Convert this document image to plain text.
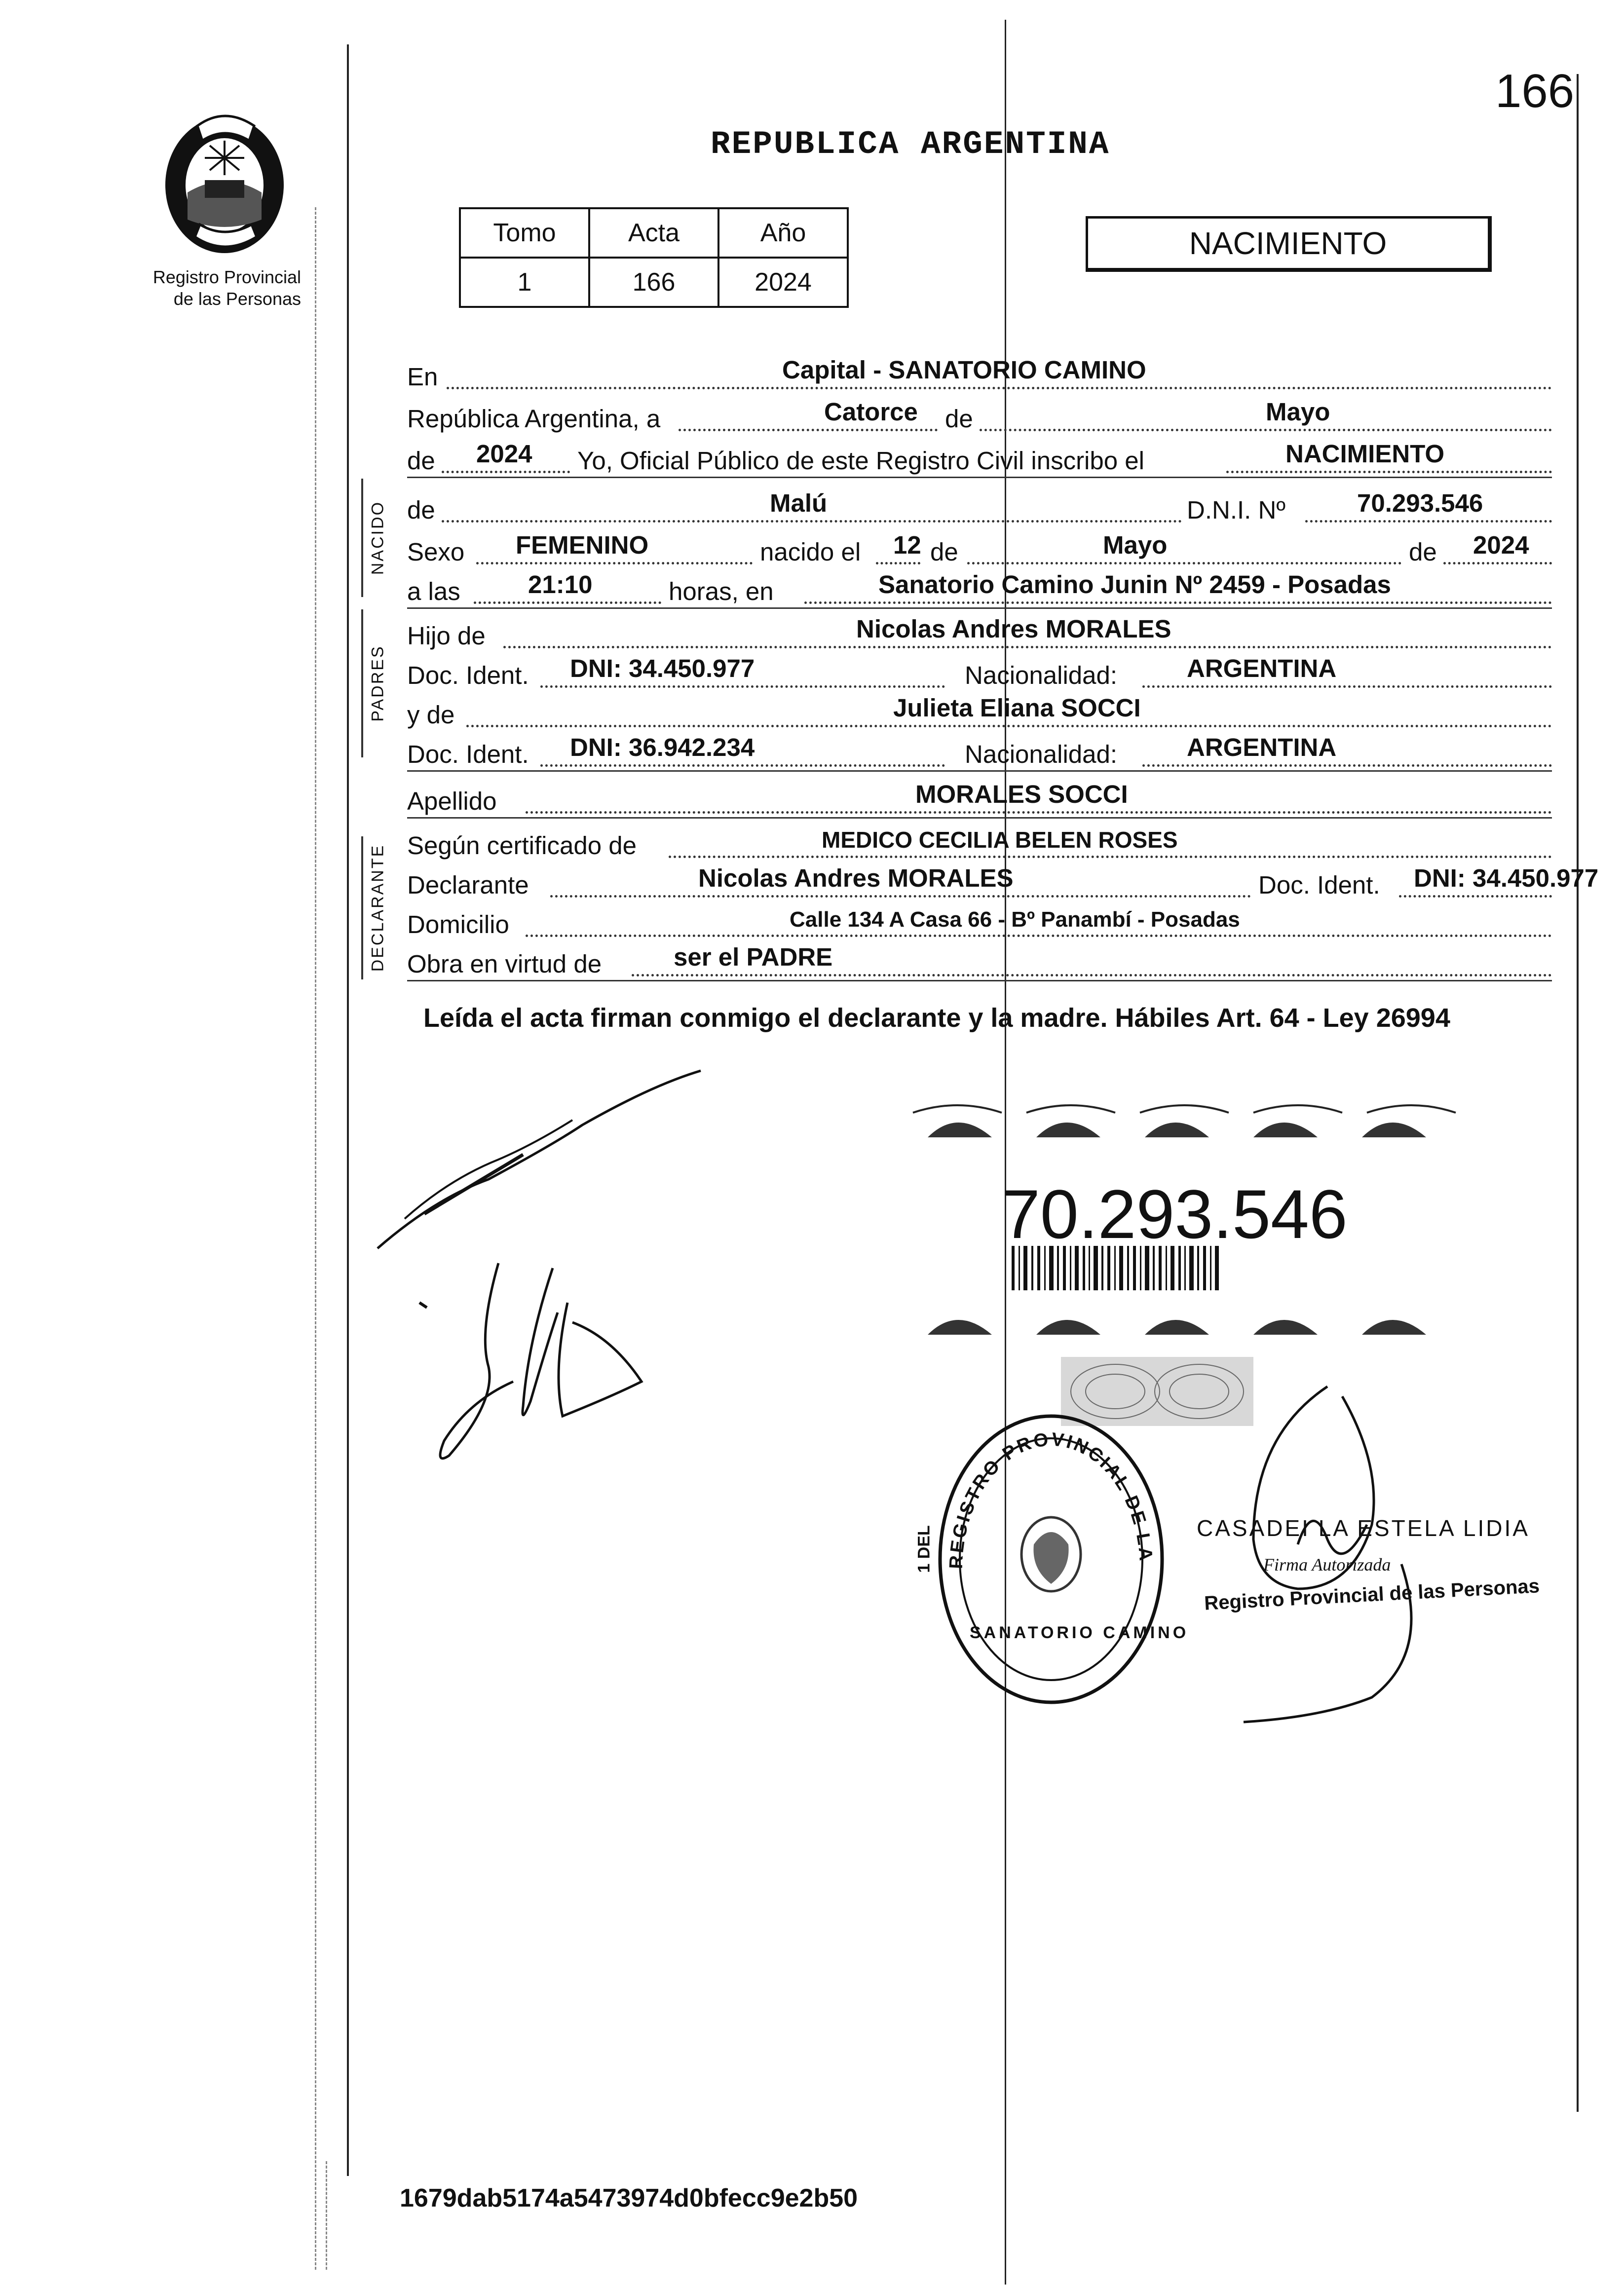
166
Registro Provincial
de las Personas
REPUBLICA ARGENTINA
Tomo	Acta	Año
1	166	2024
NACIMIENTO
NACIDO
PADRES
DECLARANTE
En	Capital - SANATORIO CAMINO
República Argentina, a	Catorce de	Mayo
de 2024 Yo, Oficial Público de este Registro Civil inscribo el	NACIMIENTO
de	Malú	D.N.I. Nº	70.293.546
Sexo FEMENINO	nacido el 12 de	Mayo	de 2024
a las	21:10	horas, en	Sanatorio Camino Junin Nº 2459 - Posadas
Hijo de	Nicolas Andres MORALES
Doc. Ident. DNI: 34.450.977	Nacionalidad:	ARGENTINA
y de	Julieta Eliana SOCCI
Doc. Ident. DNI: 36.942.234	Nacionalidad:	ARGENTINA
Apellido	MORALES SOCCI
Según certificado de	MEDICO CECILIA BELEN ROSES
Declarante	Nicolas Andres MORALES	Doc. Ident. DNI: 34.450.977
Domicilio	Calle 134 A Casa 66 - Bº Panambí - Posadas
Obra en virtud de	ser el PADRE
Leída el acta firman conmigo el declarante y la madre. Hábiles Art. 64 - Ley 26994
70.293.546
REGISTRO PROVINCIAL DE LA
1 DEL
SANATORIO CAMINO
CASADEI LA ESTELA LIDIA
Firma Autorizada
Registro Provincial de las Personas
1679dab5174a5473974d0bfecc9e2b50
